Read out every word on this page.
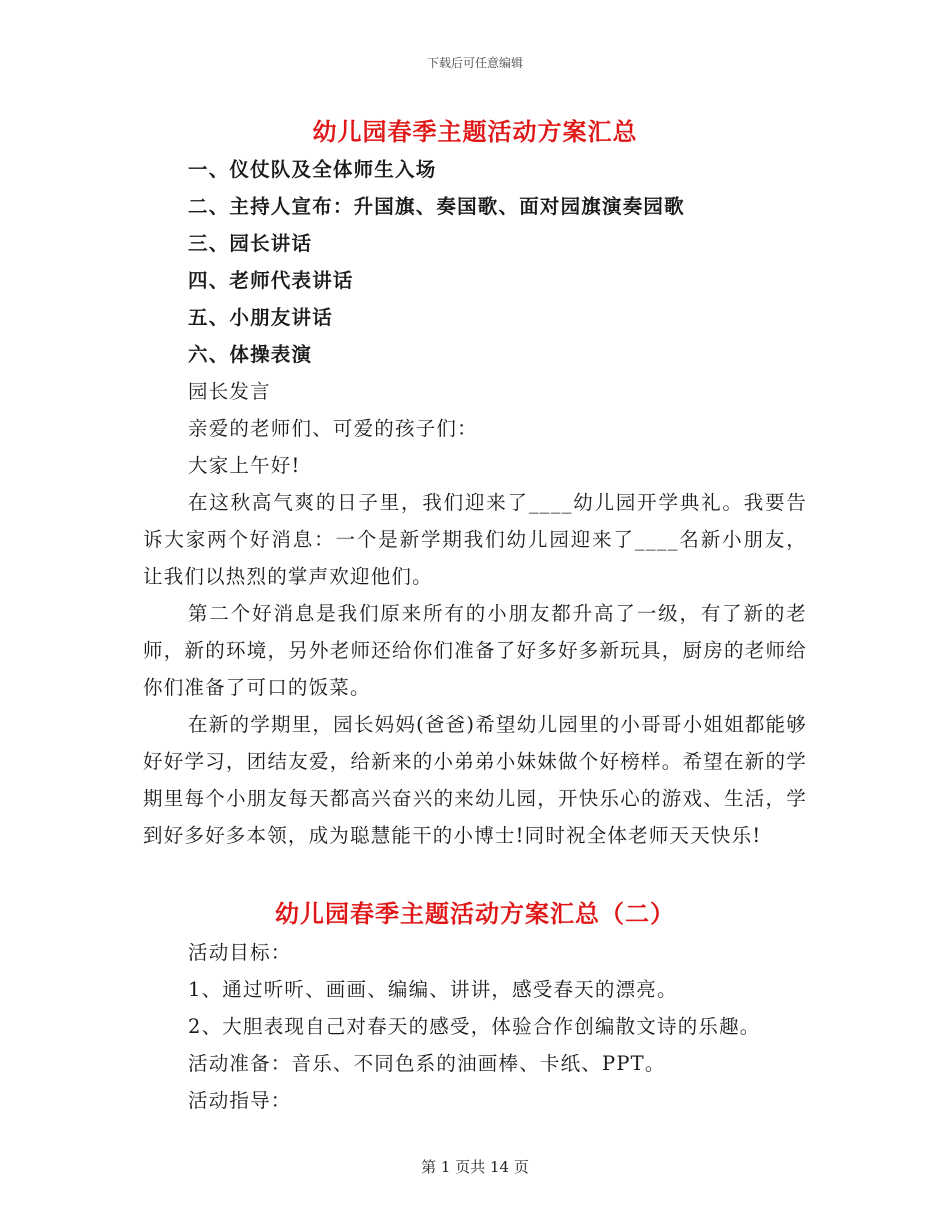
下载后可任意编辑
幼儿园春季主题活动方案汇总

一、仪仗队及全体师生入场

二、主持人宣布：升国旗、奏国歌、面对园旗演奏园歌

三、园长讲话

四、老师代表讲话

五、小朋友讲话

六、体操表演

园长发言

亲爱的老师们、可爱的孩子们：

大家上午好!

在这秋高气爽的日子里，我们迎来了____幼儿园开学典礼。我要告诉大家两个好消息：一个是新学期我们幼儿园迎来了____名新小朋友，让我们以热烈的掌声欢迎他们。

第二个好消息是我们原来所有的小朋友都升高了一级，有了新的老师，新的环境，另外老师还给你们准备了好多好多新玩具，厨房的老师给你们准备了可口的饭菜。

在新的学期里，园长妈妈(爸爸)希望幼儿园里的小哥哥小姐姐都能够好好学习，团结友爱，给新来的小弟弟小妹妹做个好榜样。希望在新的学期里每个小朋友每天都高兴奋兴的来幼儿园，开快乐心的游戏、生活，学到好多好多本领，成为聪慧能干的小博士!同时祝全体老师天天快乐!

幼儿园春季主题活动方案汇总（二）

活动目标：

1、通过听听、画画、编编、讲讲，感受春天的漂亮。

2、大胆表现自己对春天的感受，体验合作创编散文诗的乐趣。

活动准备：音乐、不同色系的油画棒、卡纸、PPT。

活动指导：

第 1 页共 14 页
